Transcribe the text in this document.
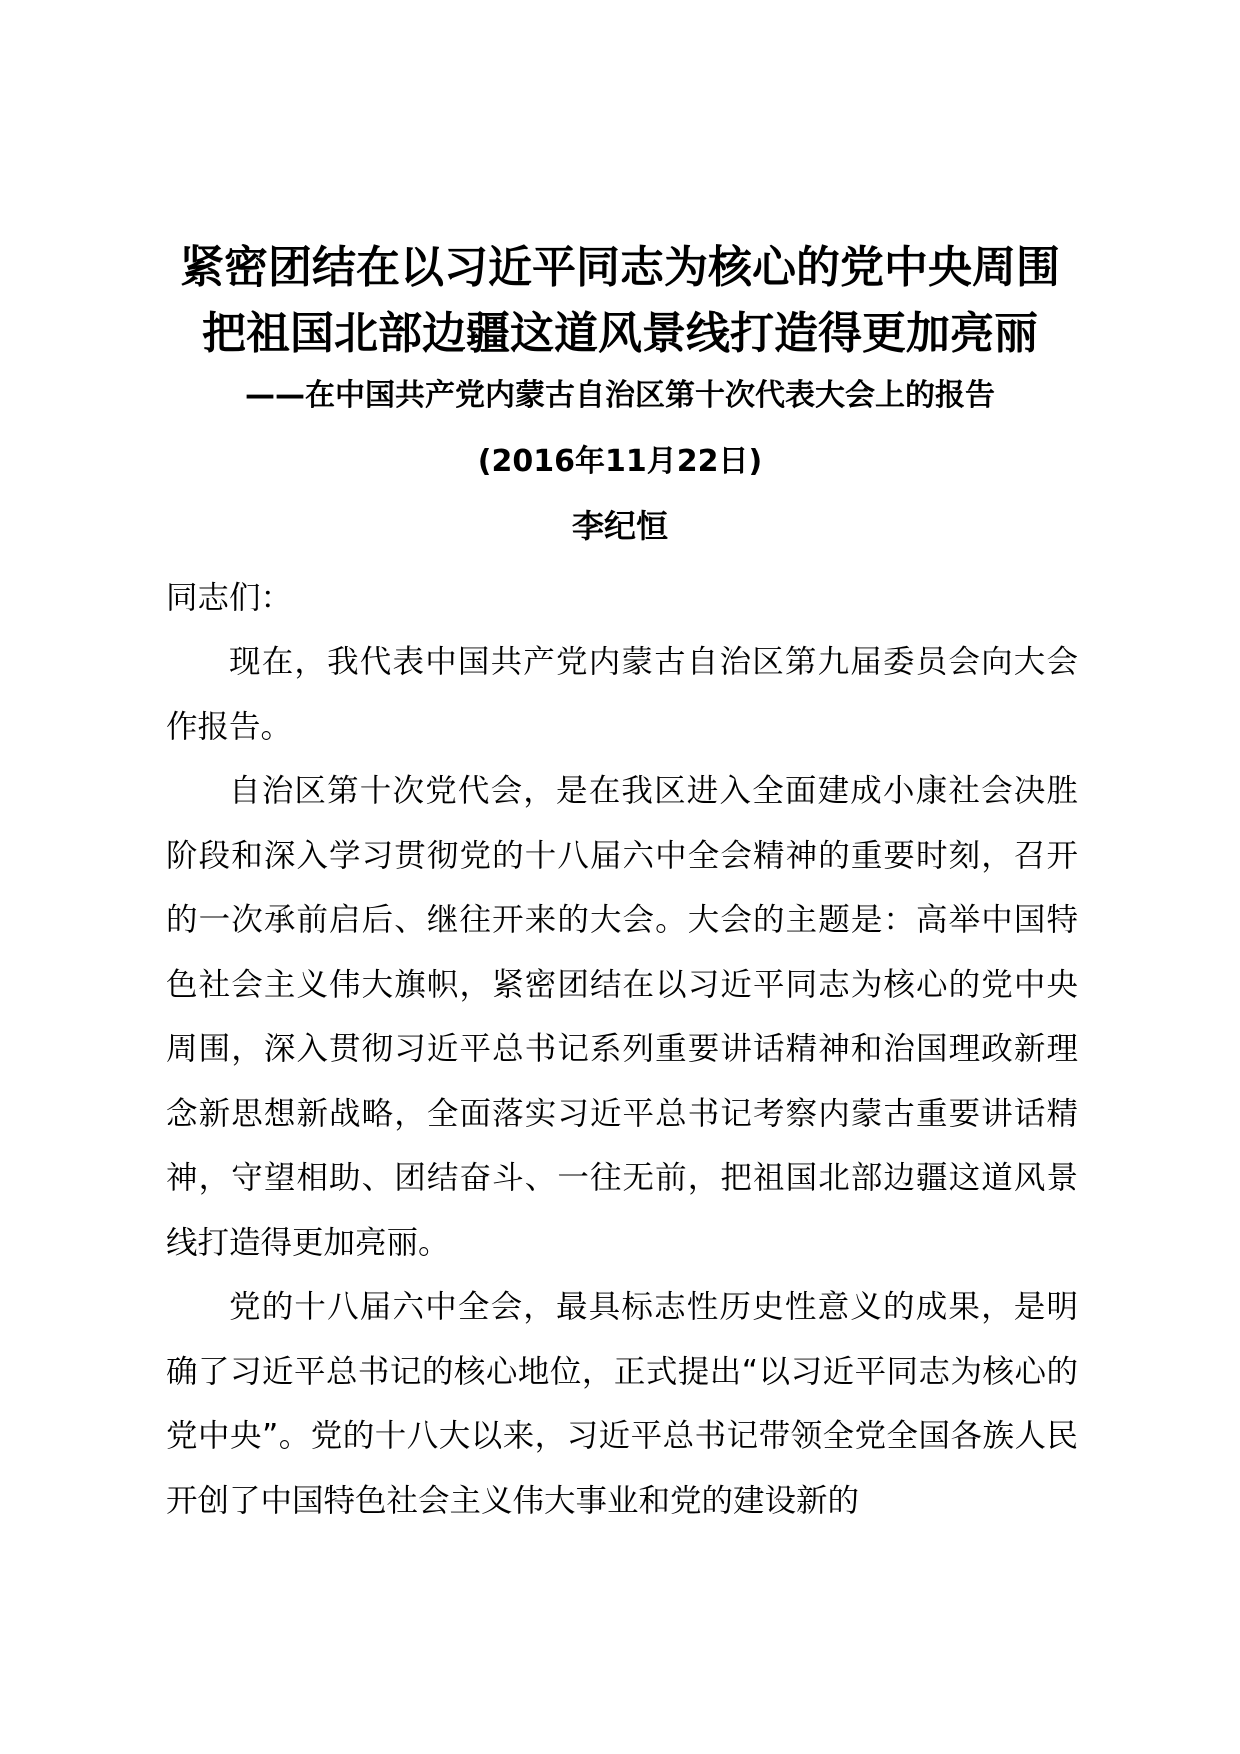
紧密团结在以习近平同志为核心的党中央周围
把祖国北部边疆这道风景线打造得更加亮丽
——在中国共产党内蒙古自治区第十次代表大会上的报告
(2016年11月22日)
李纪恒
同志们：

现在，我代表中国共产党内蒙古自治区第九届委员会向大会作报告。

自治区第十次党代会，是在我区进入全面建成小康社会决胜阶段和深入学习贯彻党的十八届六中全会精神的重要时刻，召开的一次承前启后、继往开来的大会。大会的主题是：高举中国特色社会主义伟大旗帜，紧密团结在以习近平同志为核心的党中央周围，深入贯彻习近平总书记系列重要讲话精神和治国理政新理念新思想新战略，全面落实习近平总书记考察内蒙古重要讲话精神，守望相助、团结奋斗、一往无前，把祖国北部边疆这道风景线打造得更加亮丽。

党的十八届六中全会，最具标志性历史性意义的成果，是明确了习近平总书记的核心地位，正式提出“以习近平同志为核心的党中央”。党的十八大以来，习近平总书记带领全党全国各族人民开创了中国特色社会主义伟大事业和党的建设新的
